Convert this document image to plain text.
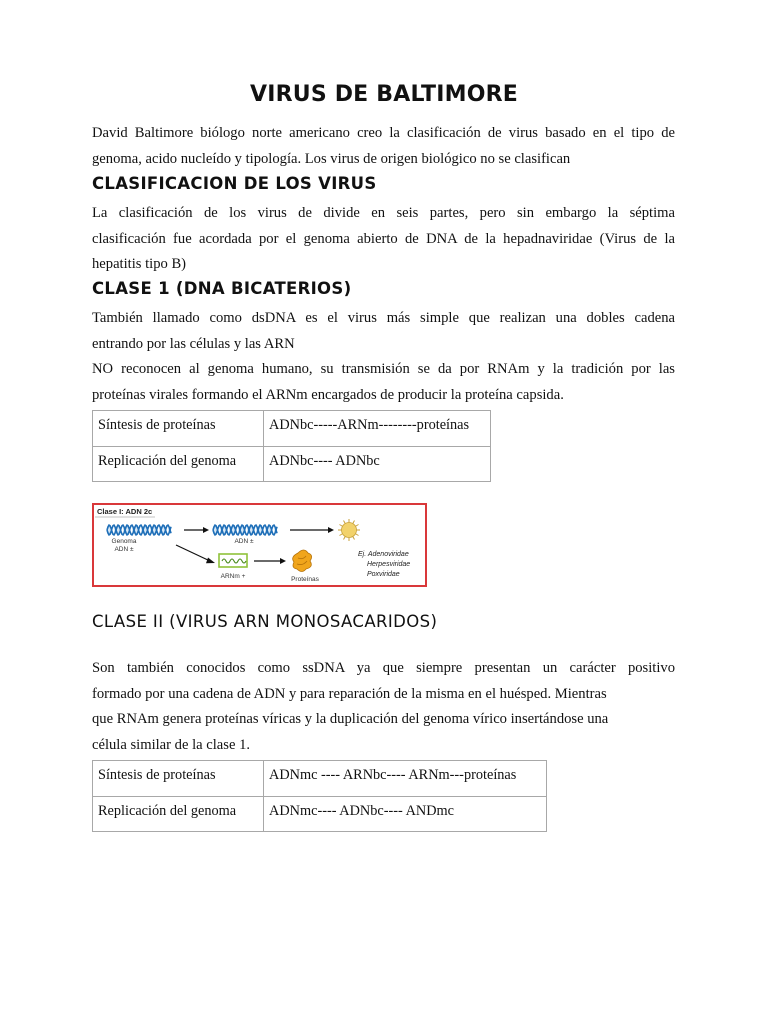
VIRUS DE BALTIMORE

David Baltimore biólogo norte americano creo la clasificación de virus basado en el tipo de
genoma, acido nucleído y tipología. Los virus de origen biológico no se clasifican

CLASIFICACION DE LOS VIRUS

La clasificación de los virus de divide en seis partes, pero sin embargo la séptima
clasificación fue acordada por el genoma abierto de DNA de la hepadnaviridae (Virus de la
hepatitis tipo B)

CLASE 1 (DNA BICATERIOS)

También llamado como dsDNA es el virus más simple que realizan una dobles cadena
entrando por las células y las ARN
NO reconocen al genoma humano, su transmisión se da por RNAm y la tradición por las
proteínas virales formando el ARNm encargados de producir la proteína capsida.

Síntesis de proteínas	ADNbc-----ARNm--------proteínas
Replicación del genoma	ADNbc---- ADNbc
Clase I: ADN 2c
Genoma
ADN ±
ADN ±
ARNm +	Proteínas
Ej. Adenoviridae
Herpesviridae
Poxviridae
CLASE II (VIRUS ARN MONOSACARIDOS)

Son también conocidos como ssDNA ya que siempre presentan un carácter positivo
formado por una cadena de ADN y para reparación de la misma en el huésped. Mientras
que RNAm genera proteínas víricas y la duplicación del genoma vírico insertándose una
célula similar de la clase 1.

Síntesis de proteínas	ADNmc ---- ARNbc---- ARNm---proteínas
Replicación del genoma	ADNmc---- ADNbc---- ANDmc
